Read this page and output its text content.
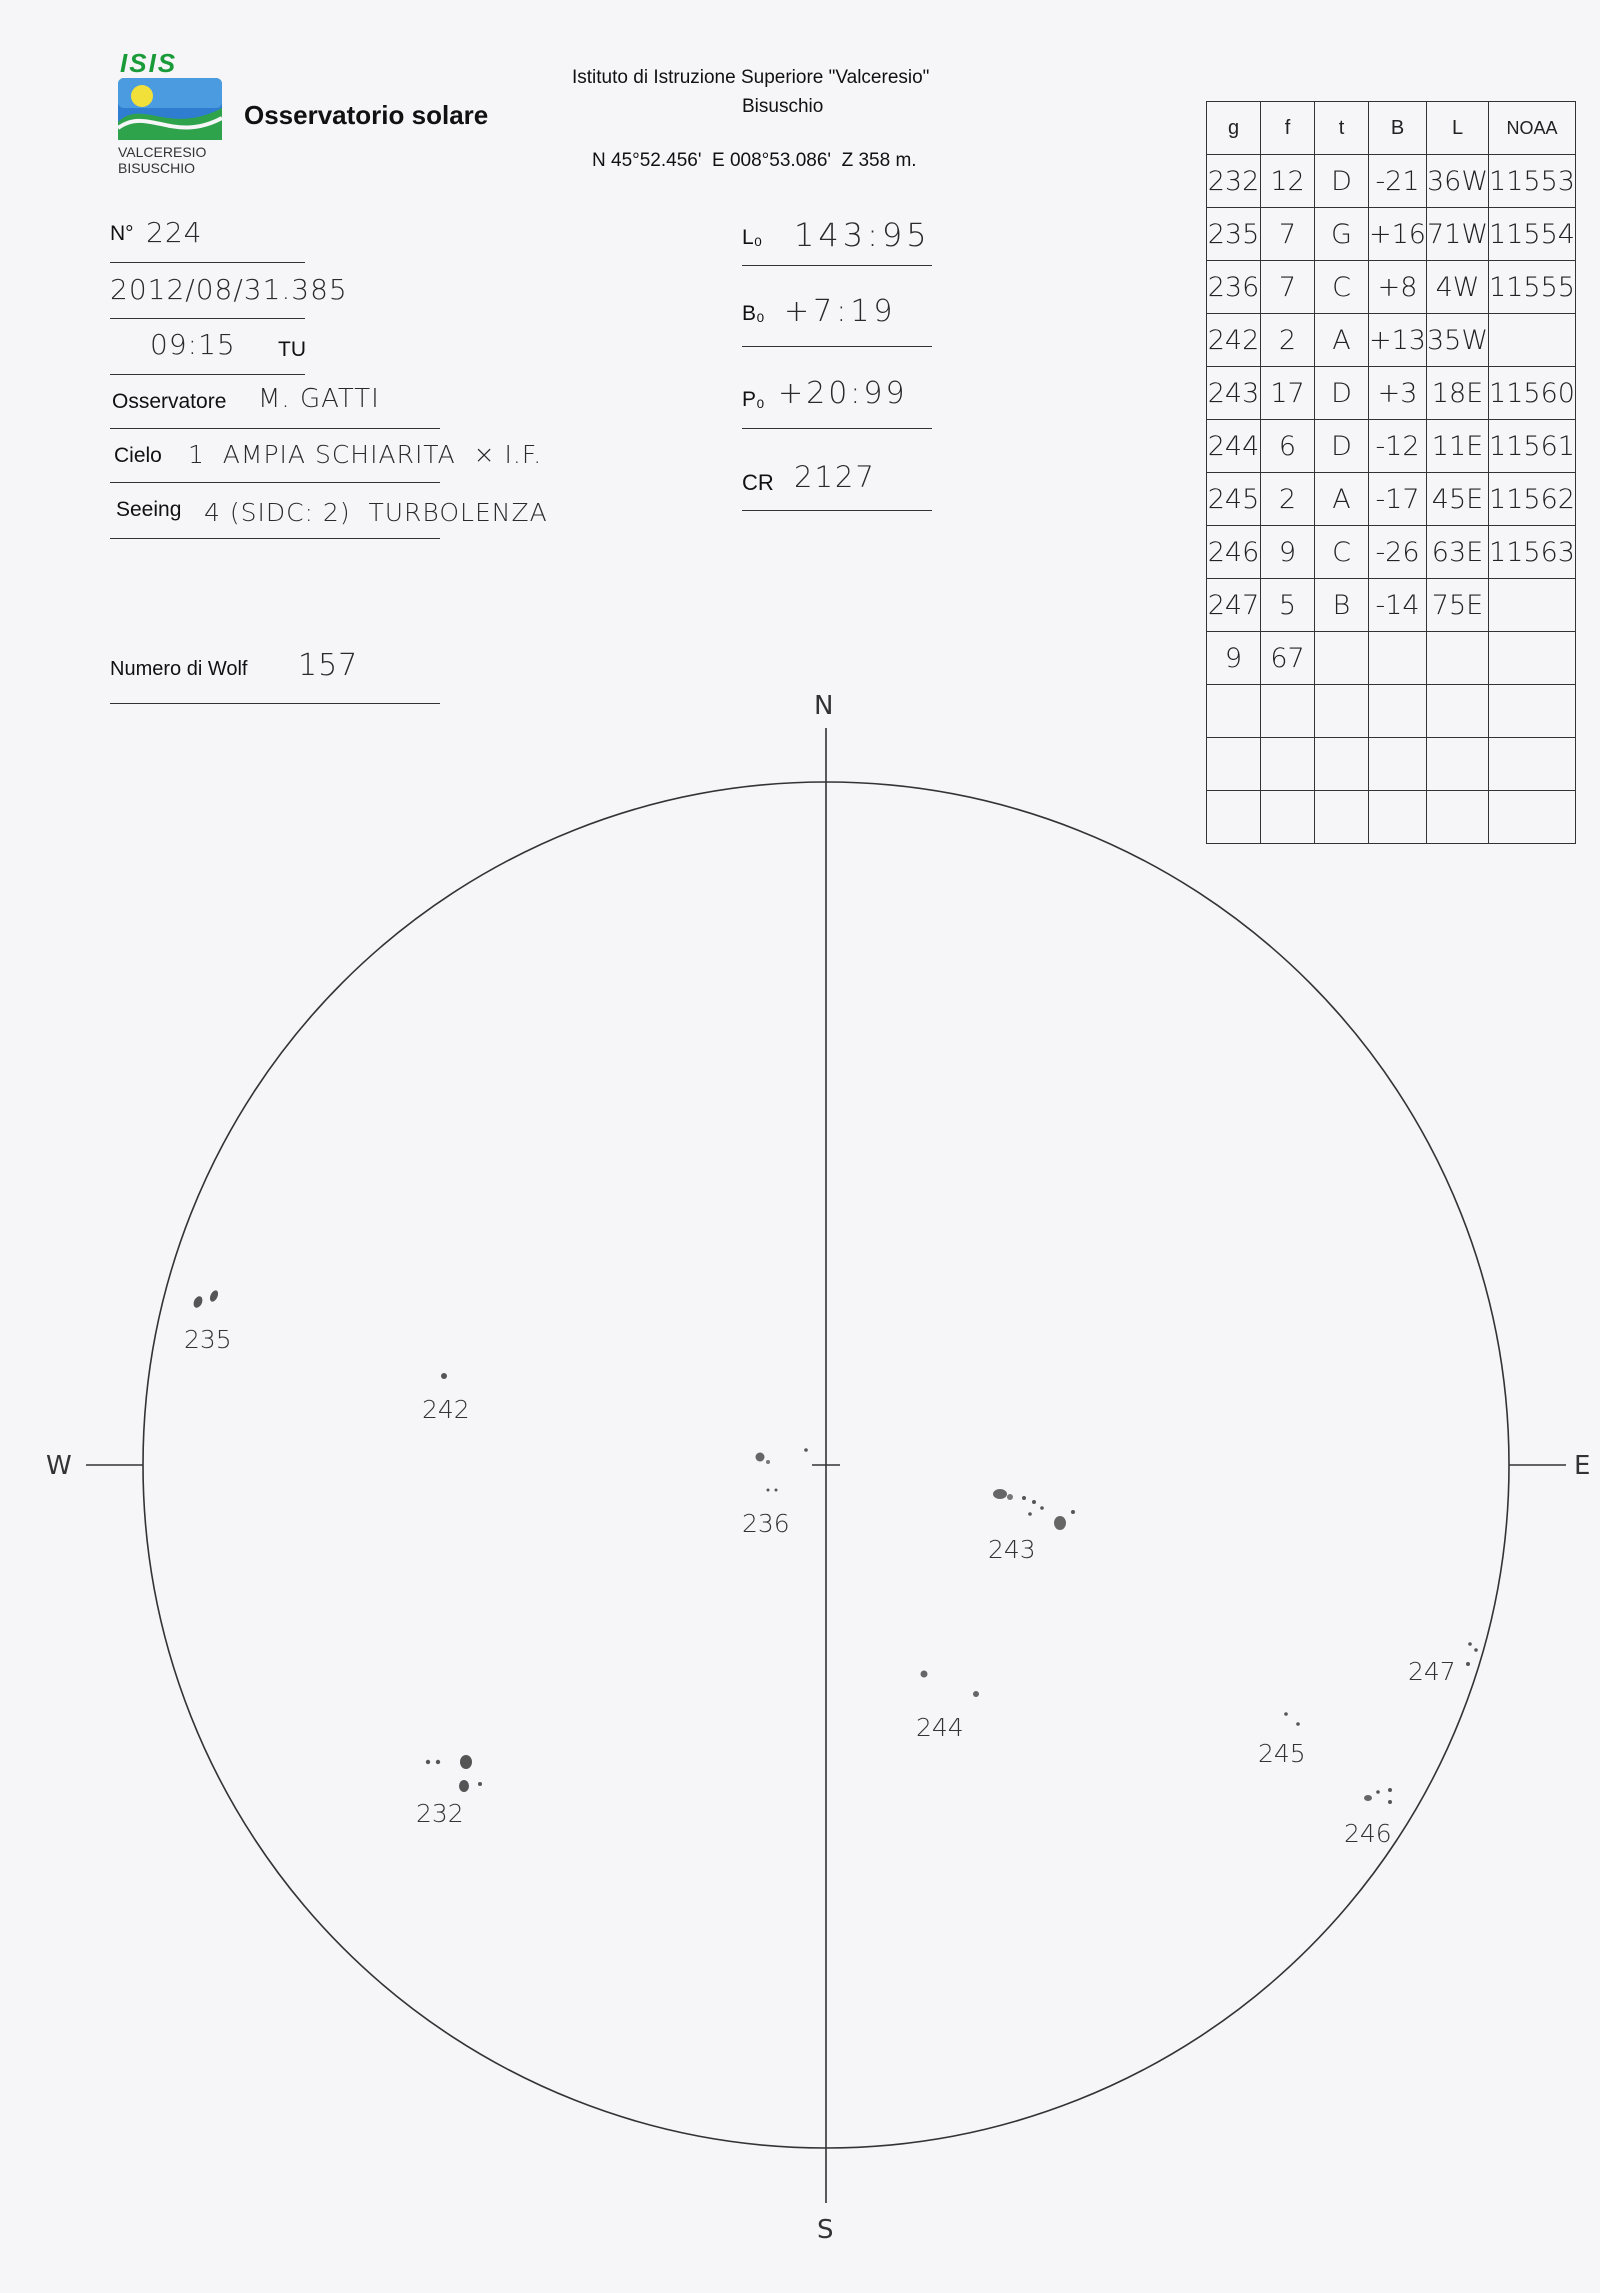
ISIS
VALCERESIO
BISUSCHIO
Osservatorio solare
Istituto di Istruzione Superiore "Valceresio"
Bisuschio
N 45°52.456'  E 008°53.086'  Z 358 m.
N° 224
2012/08/31.385
09:15 TU
Osservatore M. GATTI
Cielo 1  AMPIA SCHIARITA  × I.F.
Seeing 4 (SIDC: 2)  TURBOLENZA
Numero di Wolf 157
L₀ 143:95
B₀ +7:19
P₀ +20:99
CR 2127
g	f	t	B	L	NOAA
232	12	D	-21	36W	11553
235	7	G	+16	71W	11554
236	7	C	+8	4W	11555
242	2	A	+13	35W	
243	17	D	+3	18E	11560
244	6	D	-12	11E	11561
245	2	A	-17	45E	11562
246	9	C	-26	63E	11563
247	5	B	-14	75E	
9	67				

N
S
W	E
235
242
236
243
232
244
245
246
247
